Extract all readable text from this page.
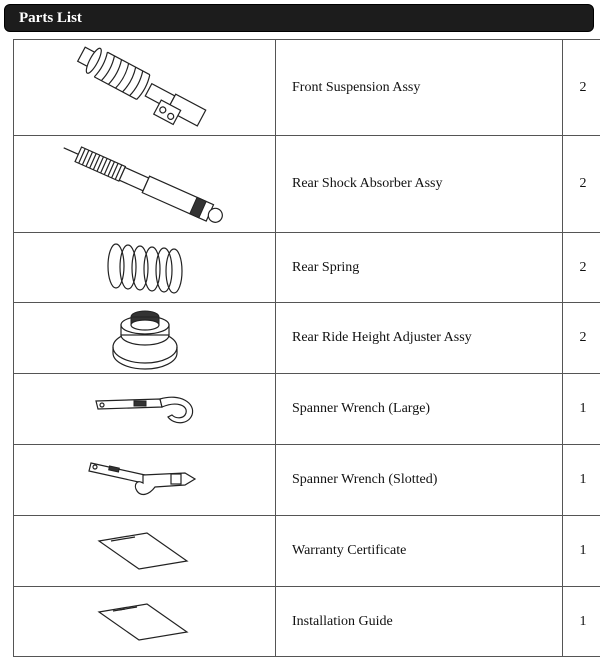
Parts List
	Front Suspension Assy	2

	Rear Shock Absorber Assy	2

	Rear Spring	2

	Rear Ride Height Adjuster Assy	2

	Spanner Wrench (Large)	1

	Spanner Wrench (Slotted)	1

	Warranty Certificate	1

	Installation Guide	1
